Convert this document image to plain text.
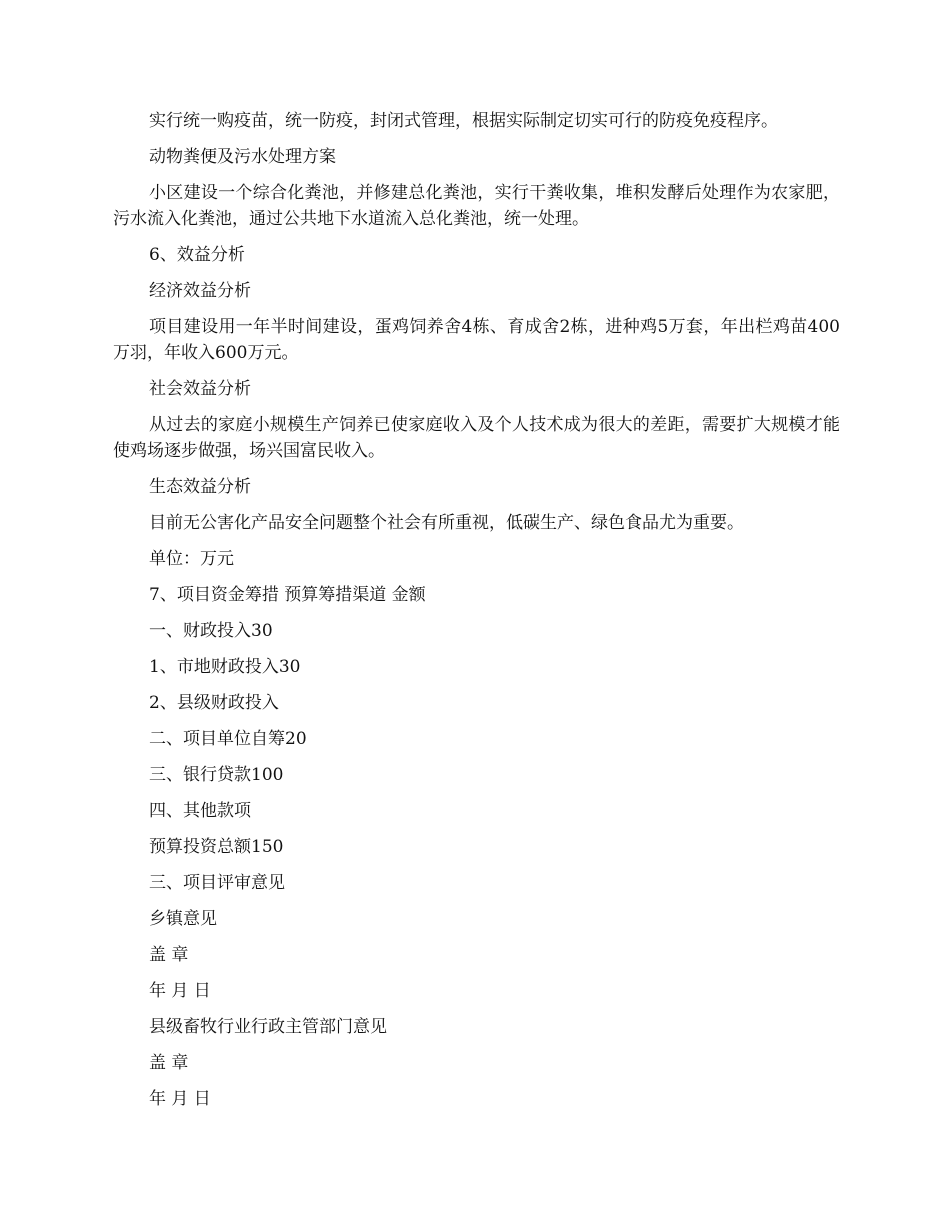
实行统一购疫苗，统一防疫，封闭式管理，根据实际制定切实可行的防疫免疫程序。

动物粪便及污水处理方案

小区建设一个综合化粪池，并修建总化粪池，实行干粪收集，堆积发酵后处理作为农家肥，污水流入化粪池，通过公共地下水道流入总化粪池，统一处理。

6、效益分析

经济效益分析

项目建设用一年半时间建设，蛋鸡饲养舍4栋、育成舍2栋，进种鸡5万套，年出栏鸡苗400万羽，年收入600万元。

社会效益分析

从过去的家庭小规模生产饲养已使家庭收入及个人技术成为很大的差距，需要扩大规模才能使鸡场逐步做强，场兴国富民收入。

生态效益分析

目前无公害化产品安全问题整个社会有所重视，低碳生产、绿色食品尤为重要。

单位：万元

7、项目资金筹措 预算筹措渠道 金额

一、财政投入30

1、市地财政投入30

2、县级财政投入

二、项目单位自筹20

三、银行贷款100

四、其他款项

预算投资总额150

三、项目评审意见

乡镇意见

盖 章

年 月 日

县级畜牧行业行政主管部门意见

盖 章

年 月 日
